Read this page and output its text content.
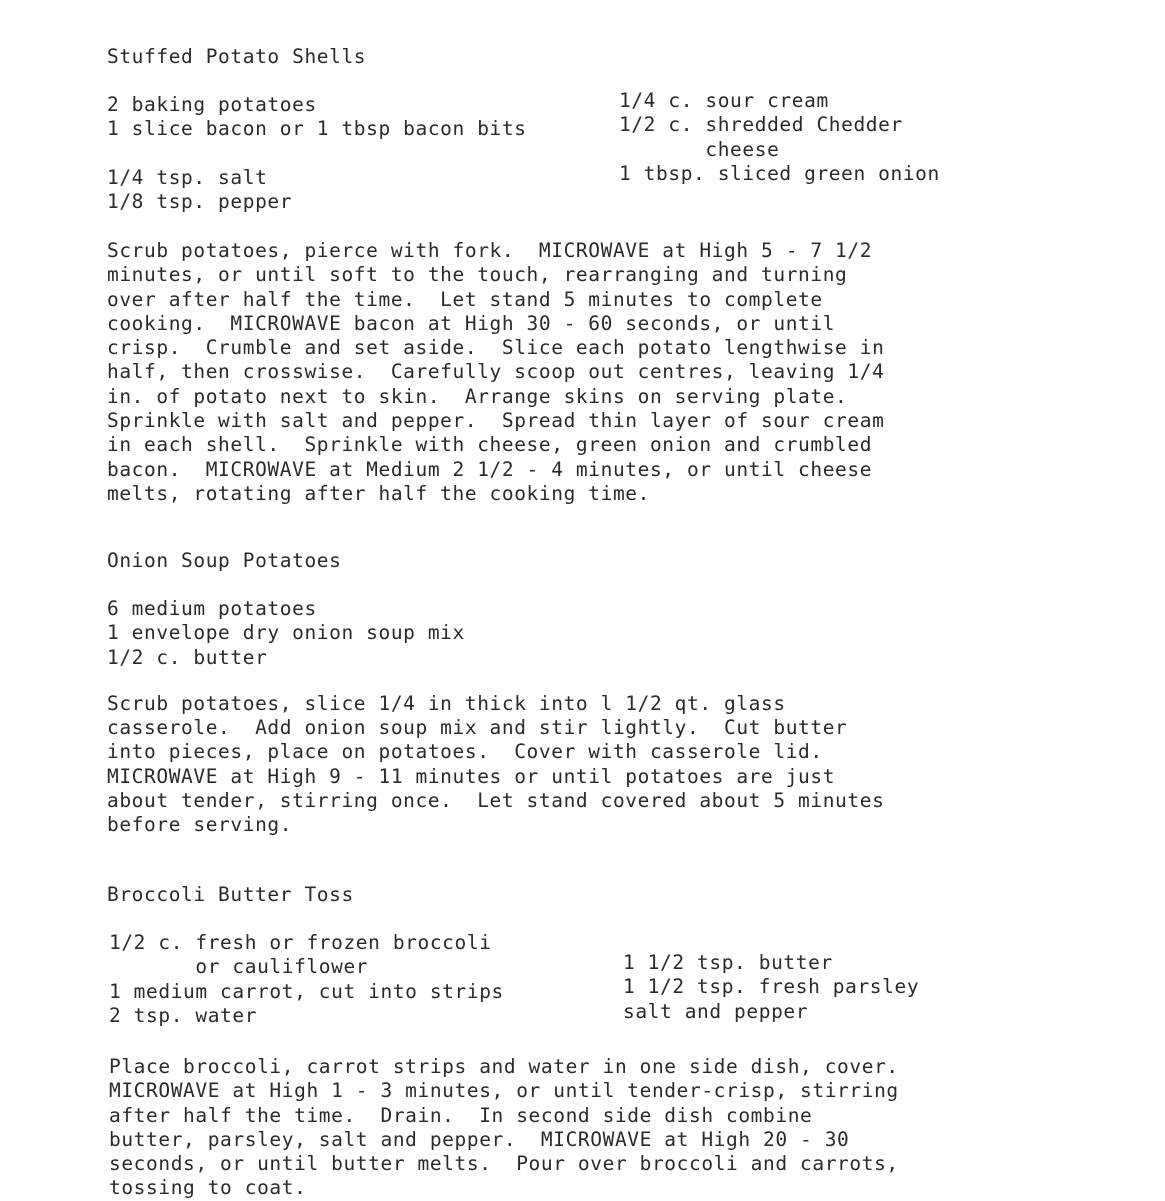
Stuffed Potato Shells
2 baking potatoes
1 slice bacon or 1 tbsp bacon bits
1/4 tsp. salt
1/8 tsp. pepper
1/4 c. sour cream
1/2 c. shredded Chedder
cheese
1 tbsp. sliced green onion
Scrub potatoes, pierce with fork.  MICROWAVE at High 5 - 7 1/2
minutes, or until soft to the touch, rearranging and turning
over after half the time.  Let stand 5 minutes to complete
cooking.  MICROWAVE bacon at High 30 - 60 seconds, or until
crisp.  Crumble and set aside.  Slice each potato lengthwise in
half, then crosswise.  Carefully scoop out centres, leaving 1/4
in. of potato next to skin.  Arrange skins on serving plate.
Sprinkle with salt and pepper.  Spread thin layer of sour cream
in each shell.  Sprinkle with cheese, green onion and crumbled
bacon.  MICROWAVE at Medium 2 1/2 - 4 minutes, or until cheese
melts, rotating after half the cooking time.
Onion Soup Potatoes
6 medium potatoes
1 envelope dry onion soup mix
1/2 c. butter
Scrub potatoes, slice 1/4 in thick into l 1/2 qt. glass
casserole.  Add onion soup mix and stir lightly.  Cut butter
into pieces, place on potatoes.  Cover with casserole lid.
MICROWAVE at High 9 - 11 minutes or until potatoes are just
about tender, stirring once.  Let stand covered about 5 minutes
before serving.
Broccoli Butter Toss
1/2 c. fresh or frozen broccoli
or cauliflower
1 medium carrot, cut into strips
2 tsp. water
1 1/2 tsp. butter
1 1/2 tsp. fresh parsley
salt and pepper
Place broccoli, carrot strips and water in one side dish, cover.
MICROWAVE at High 1 - 3 minutes, or until tender-crisp, stirring
after half the time.  Drain.  In second side dish combine
butter, parsley, salt and pepper.  MICROWAVE at High 20 - 30
seconds, or until butter melts.  Pour over broccoli and carrots,
tossing to coat.
